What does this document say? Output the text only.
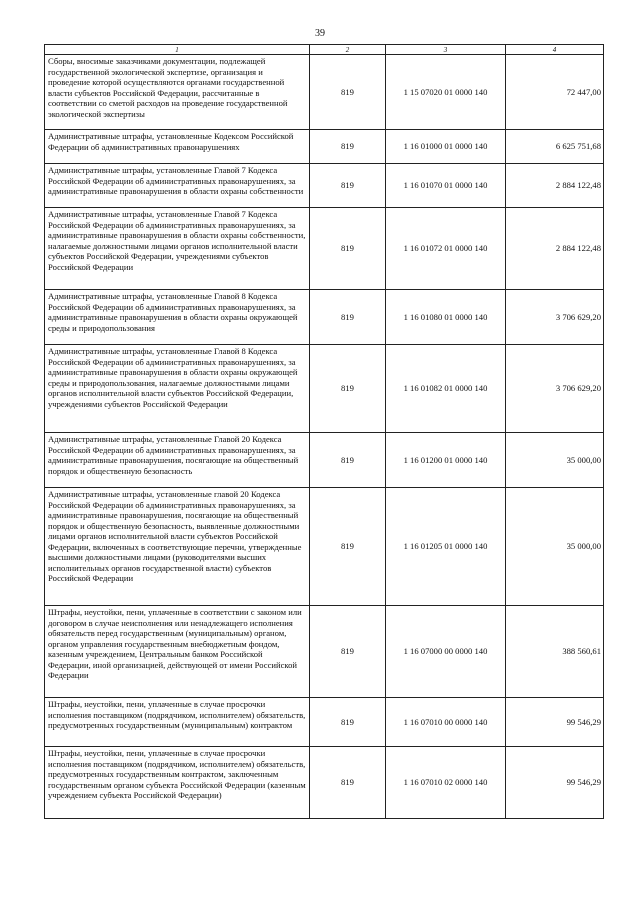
39
1	2	3	4
Сборы, вносимые заказчиками документации, подлежащей государственной экологической экспертизе, организация и проведение которой осуществляются органами государственной власти субъектов Российской Федерации, рассчитанные в соответствии со сметой расходов на проведение государственной экологической экспертизы	819	1 15 07020 01 0000 140	72 447,00
Административные штрафы, установленные Кодексом Российской Федерации об административных правонарушениях	819	1 16 01000 01 0000 140	6 625 751,68
Административные штрафы, установленные Главой 7 Кодекса Российской Федерации об административных правонарушениях, за административные правонарушения в области охраны собственности	819	1 16 01070 01 0000 140	2 884 122,48
Административные штрафы, установленные Главой 7 Кодекса Российской Федерации об административных правонарушениях, за административные правонарушения в области охраны собственности, налагаемые должностными лицами органов исполнительной власти субъектов Российской Федерации, учреждениями субъектов Российской Федерации	819	1 16 01072 01 0000 140	2 884 122,48
Административные штрафы, установленные Главой 8 Кодекса Российской Федерации об административных правонарушениях, за административные правонарушения в области охраны окружающей среды и природопользования	819	1 16 01080 01 0000 140	3 706 629,20
Административные штрафы, установленные Главой 8 Кодекса Российской Федерации об административных правонарушениях, за административные правонарушения в области охраны окружающей среды и природопользования, налагаемые должностными лицами органов исполнительной власти субъектов Российской Федерации, учреждениями субъектов Российской Федерации	819	1 16 01082 01 0000 140	3 706 629,20
Административные штрафы, установленные Главой 20 Кодекса Российской Федерации об административных правонарушениях, за административные правонарушения, посягающие на общественный порядок и общественную безопасность	819	1 16 01200 01 0000 140	35 000,00
Административные штрафы, установленные главой 20 Кодекса Российской Федерации об административных правонарушениях, за административные правонарушения, посягающие на общественный порядок и общественную безопасность, выявленные должностными лицами органов исполнительной власти субъектов Российской Федерации, включенных в соответствующие перечни, утвержденные высшими должностными лицами (руководителями высших исполнительных органов государственной власти) субъектов Российской Федерации	819	1 16 01205 01 0000 140	35 000,00
Штрафы, неустойки, пени, уплаченные в соответствии с законом или договором в случае неисполнения или ненадлежащего исполнения обязательств перед государственным (муниципальным) органом, органом управления государственным внебюджетным фондом, казенным учреждением, Центральным банком Российской Федерации, иной организацией, действующей от имени Российской Федерации	819	1 16 07000 00 0000 140	388 560,61
Штрафы, неустойки, пени, уплаченные в случае просрочки исполнения поставщиком (подрядчиком, исполнителем) обязательств, предусмотренных государственным (муниципальным) контрактом	819	1 16 07010 00 0000 140	99 546,29
Штрафы, неустойки, пени, уплаченные в случае просрочки исполнения поставщиком (подрядчиком, исполнителем) обязательств, предусмотренных государственным контрактом, заключенным государственным органом субъекта Российской Федерации (казенным учреждением субъекта Российской Федерации)	819	1 16 07010 02 0000 140	99 546,29
